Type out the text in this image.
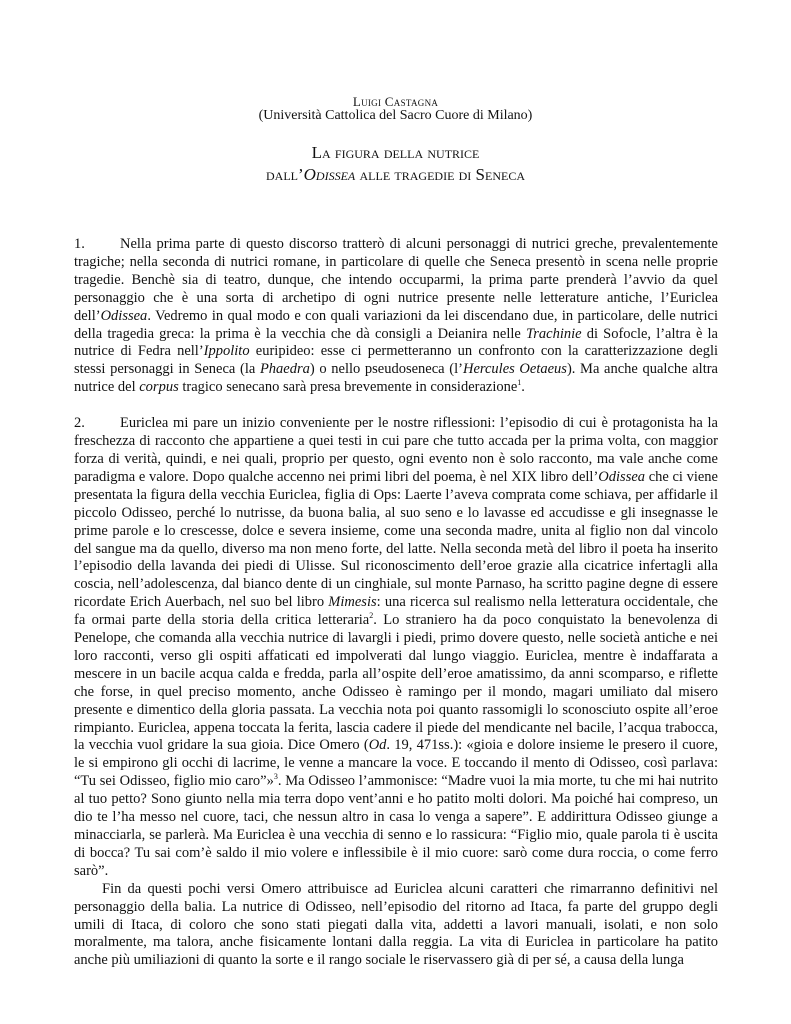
Luigi Castagna
(Università Cattolica del Sacro Cuore di Milano)
La figura della nutrice
dall’Odissea alle tragedie di Seneca

1. Nella prima parte di questo discorso tratterò di alcuni personaggi di nutrici greche, prevalentemente tragiche; nella seconda di nutrici romane, in particolare di quelle che Seneca presentò in scena nelle proprie tragedie. Benchè sia di teatro, dunque, che intendo occuparmi, la prima parte prenderà l’avvio da quel personaggio che è una sorta di archetipo di ogni nutrice presente nelle letterature antiche, l’Euriclea dell’Odissea. Vedremo in qual modo e con quali variazioni da lei discendano due, in particolare, delle nutrici della tragedia greca: la prima è la vecchia che dà consigli a Deianira nelle Trachinie di Sofocle, l’altra è la nutrice di Fedra nell’Ippolito euripideo: esse ci permetteranno un confronto con la caratterizzazione degli stessi personaggi in Seneca (la Phaedra) o nello pseudoseneca (l’Hercules Oetaeus). Ma anche qualche altra nutrice del corpus tragico senecano sarà presa brevemente in considerazione$^1$.

2. Euriclea mi pare un inizio conveniente per le nostre riflessioni: l’episodio di cui è protagonista ha la freschezza di racconto che appartiene a quei testi in cui pare che tutto accada per la prima volta, con maggior forza di verità, quindi, e nei quali, proprio per questo, ogni evento non è solo racconto, ma vale anche come paradigma e valore. Dopo qualche accenno nei primi libri del poema, è nel XIX libro dell’Odissea che ci viene presentata la figura della vecchia Euriclea, figlia di Ops: Laerte l’aveva comprata come schiava, per affidarle il piccolo Odisseo, perché lo nutrisse, da buona balia, al suo seno e lo lavasse ed accudisse e gli insegnasse le prime parole e lo crescesse, dolce e severa insieme, come una seconda madre, unita al figlio non dal vincolo del sangue ma da quello, diverso ma non meno forte, del latte. Nella seconda metà del libro il poeta ha inserito l’episodio della lavanda dei piedi di Ulisse. Sul riconoscimento dell’eroe grazie alla cicatrice infertagli alla coscia, nell’adolescenza, dal bianco dente di un cinghiale, sul monte Parnaso, ha scritto pagine degne di essere ricordate Erich Auerbach, nel suo bel libro Mimesis: una ricerca sul realismo nella letteratura occidentale, che fa ormai parte della storia della critica letteraria$^2$. Lo straniero ha da poco conquistato la benevolenza di Penelope, che comanda alla vecchia nutrice di lavargli i piedi, primo dovere questo, nelle società antiche e nei loro racconti, verso gli ospiti affaticati ed impolverati dal lungo viaggio. Euriclea, mentre è indaffarata a mescere in un bacile acqua calda e fredda, parla all’ospite dell’eroe amatissimo, da anni scomparso, e riflette che forse, in quel preciso momento, anche Odisseo è ramingo per il mondo, magari umiliato dal misero presente e dimentico della gloria passata. La vecchia nota poi quanto rassomigli lo sconosciuto ospite all’eroe rimpianto. Euriclea, appena toccata la ferita, lascia cadere il piede del mendicante nel bacile, l’acqua trabocca, la vecchia vuol gridare la sua gioia. Dice Omero (Od. 19, 471ss.): «gioia e dolore insieme le presero il cuore, le si empirono gli occhi di lacrime, le venne a mancare la voce. E toccando il mento di Odisseo, così parlava: “Tu sei Odisseo, figlio mio caro”»$^3$. Ma Odisseo l’ammonisce: “Madre vuoi la mia morte, tu che mi hai nutrito al tuo petto? Sono giunto nella mia terra dopo vent’anni e ho patito molti dolori. Ma poiché hai compreso, un dio te l’ha messo nel cuore, taci, che nessun altro in casa lo venga a sapere”. E addirittura Odisseo giunge a minacciarla, se parlerà. Ma Euriclea è una vecchia di senno e lo rassicura: “Figlio mio, quale parola ti è uscita di bocca? Tu sai com’è saldo il mio volere e inflessibile è il mio cuore: sarò come dura roccia, o come ferro sarò”.

Fin da questi pochi versi Omero attribuisce ad Euriclea alcuni caratteri che rimarranno definitivi nel personaggio della balia. La nutrice di Odisseo, nell’episodio del ritorno ad Itaca, fa parte del gruppo degli umili di Itaca, di coloro che sono stati piegati dalla vita, addetti a lavori manuali, isolati, e non solo moralmente, ma talora, anche fisicamente lontani dalla reggia. La vita di Euriclea in particolare ha patito anche più umiliazioni di quanto la sorte e il rango sociale le riservassero già di per sé, a causa della lunga
